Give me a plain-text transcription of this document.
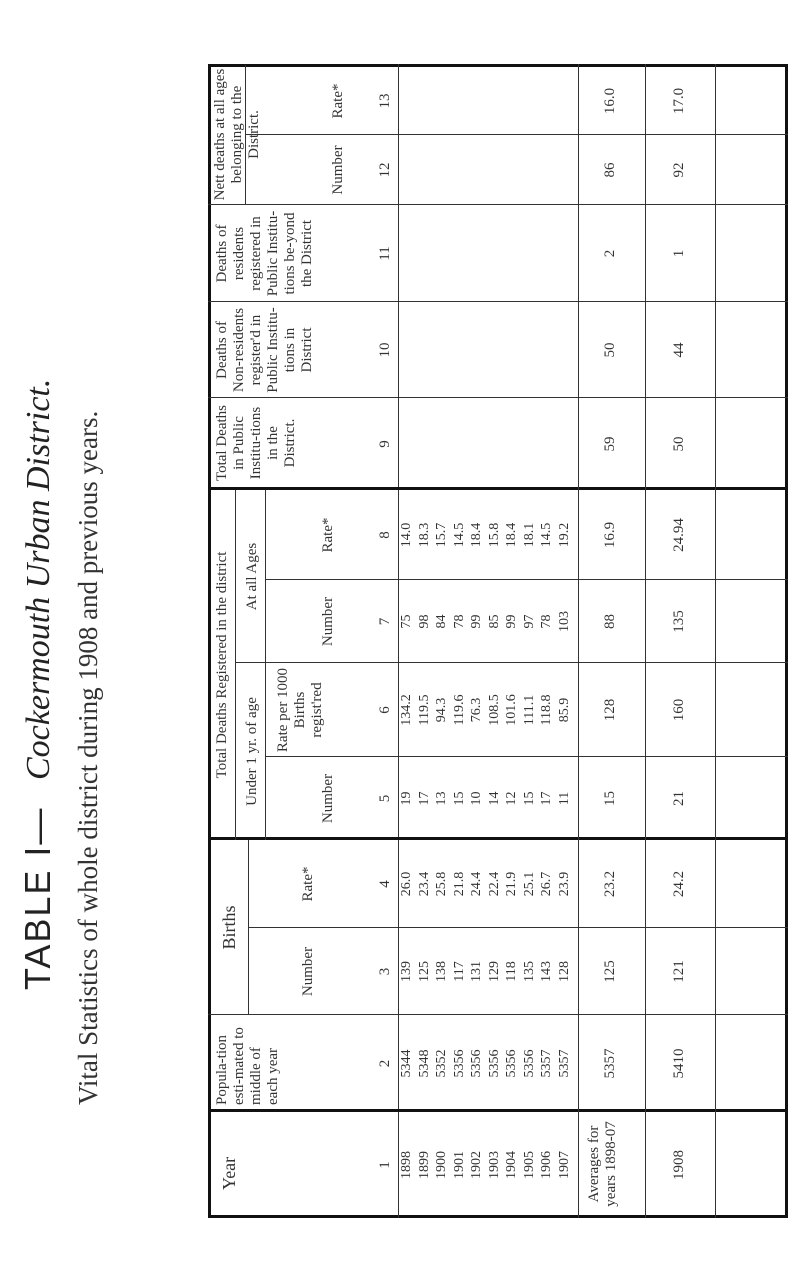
TABLE I—
Cockermouth Urban District. Vital Statistics of whole district during 1908 and previous years.
Year
Popula-tion esti-mated to middle of each year
Births
Number
Rate*
Total Deaths Registered in the district Under 1 yr. of age	Number
Rate per 1000 Births regist'red
At all Ages
Number
Rate*
Total Deaths in Public Institu-tions in the District.
Deaths of Non-residents register'd in Public Institu-tions in District
Deaths of residents registered in Public Institu-tions be-yond the District
Nett deaths at all ages belonging to the District.
Number
Rate*
1
2
3
4
5
6
7
8
9
10
11
12
13
1898 1899 1900 1901 1902 1903 1904 1905 1906 1907
5344 5348 5352 5356 5356 5356 5356 5356 5357 5357
139 125 138 117 131 129 118 135 143 128
26.0 23.4 25.8 21.8 24.4 22.4 21.9 25.1 26.7 23.9
19 17 13 15 10 14 12 15 17 11
134.2 119.5 94.3 119.6 76.3 108.5 101.6 111.1 118.8 85.9
75 98 84 78 99 85 99 97 78 103
14.0 18.3 15.7 14.5 18.4 15.8 18.4 18.1 14.5 19.2
Averages for years 1898-07
5357
125
23.2
15
128
88
16.9
59
50
2
86
16.0
1908
5410
121
24.2
21
160
135
24.94
50
44
1
92
17.0
